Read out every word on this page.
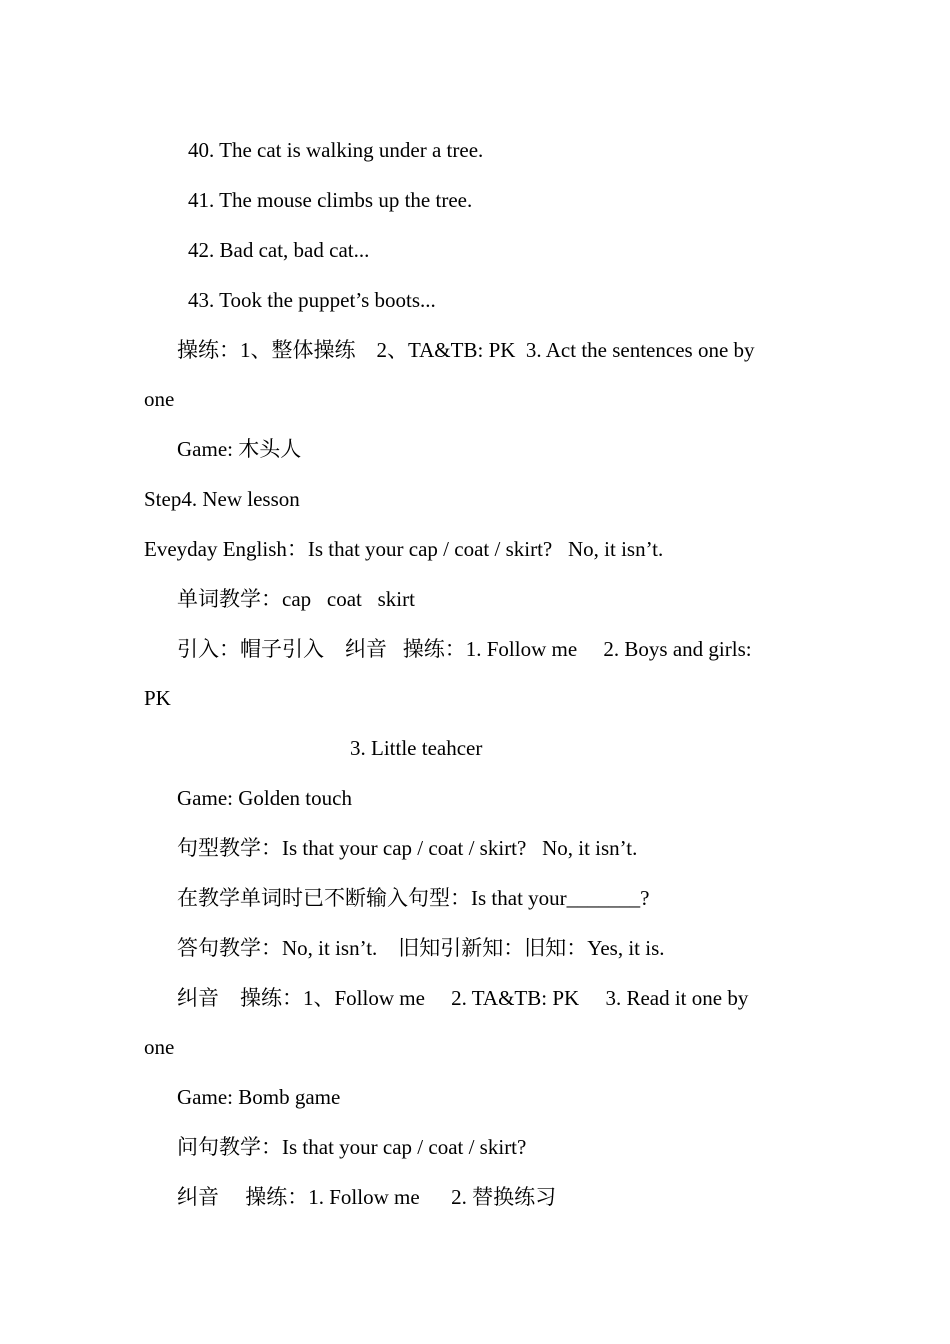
40. The cat is walking under a tree.

41. The mouse climbs up the tree.

42. Bad cat, bad cat...

43. Took the puppet’s boots...

操练：1、整体操练    2、TA&TB: PK  3. Act the sentences one by

one

Game: 木头人

Step4. New lesson

Eveyday English：Is that your cap / coat / skirt?   No, it isn’t.

单词教学：cap   coat   skirt

引入：帽子引入    纠音   操练：1. Follow me     2. Boys and girls:

PK

3. Little teahcer

Game: Golden touch

句型教学：Is that your cap / coat / skirt?   No, it isn’t.

在教学单词时已不断输入句型：Is that your_______?

答句教学：No, it isn’t.    旧知引新知：旧知：Yes, it is.

纠音    操练：1、Follow me     2. TA&TB: PK     3. Read it one by

one

Game: Bomb game

问句教学：Is that your cap / coat / skirt?

纠音     操练：1. Follow me      2. 替换练习
